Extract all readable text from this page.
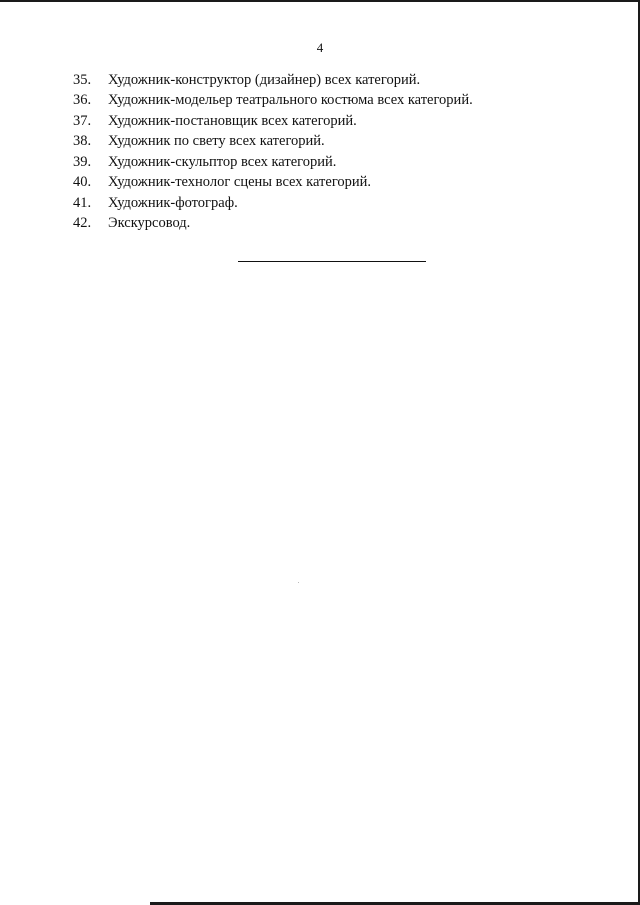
4
35.	Художник-конструктор (дизайнер) всех категорий.
36.	Художник-модельер театрального костюма всех категорий.
37.	Художник-постановщик всех категорий.
38.	Художник по свету всех категорий.
39.	Художник-скульптор всех категорий.
40.	Художник-технолог сцены всех категорий.
41.	Художник-фотограф.
42.	Экскурсовод.
